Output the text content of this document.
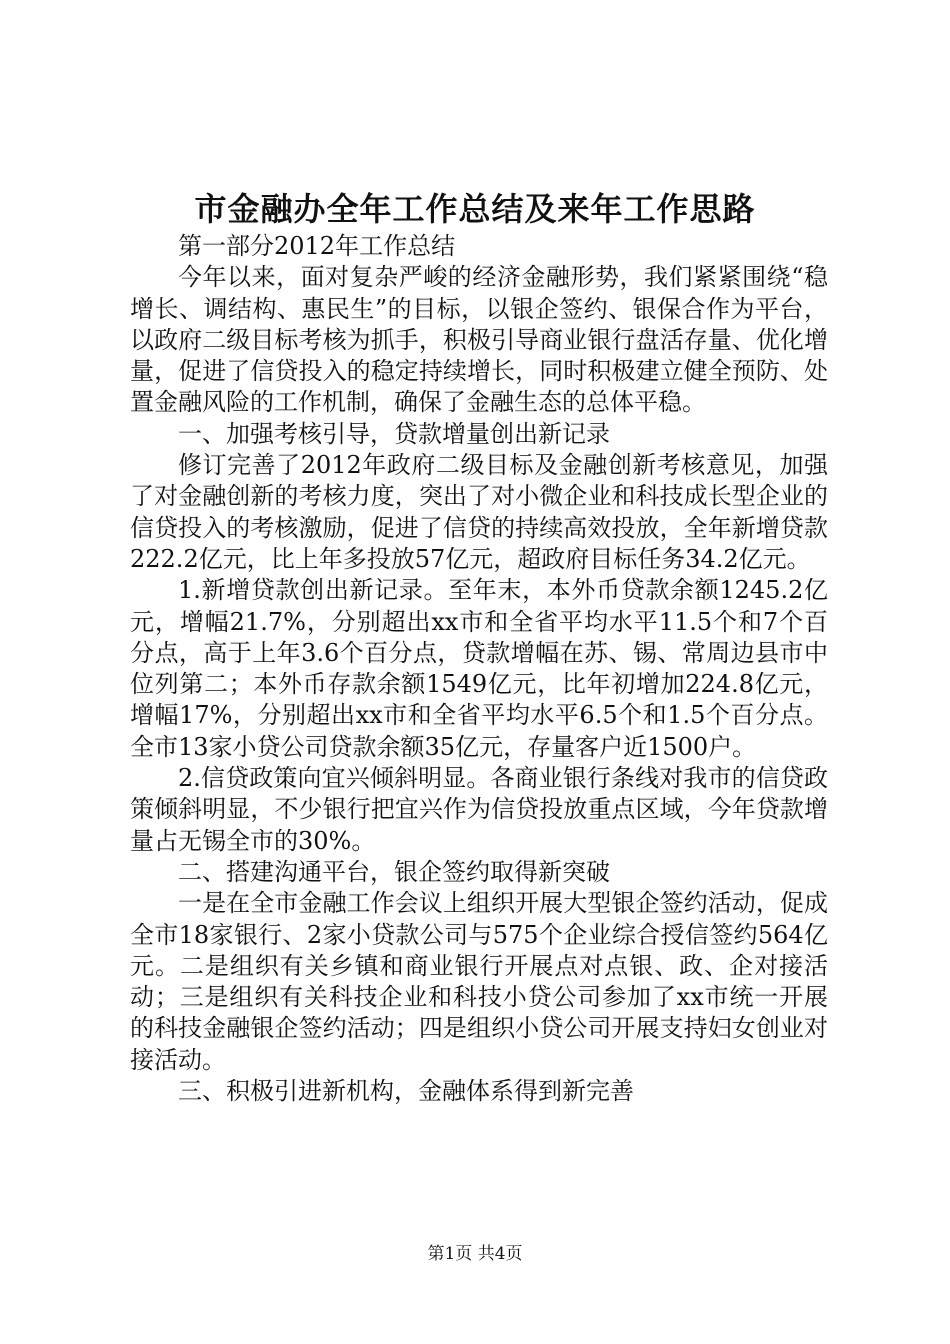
市金融办全年工作总结及来年工作思路

第一部分2012年工作总结

今年以来，面对复杂严峻的经济金融形势，我们紧紧围绕“稳增长、调结构、惠民生”的目标，以银企签约、银保合作为平台，以政府二级目标考核为抓手，积极引导商业银行盘活存量、优化增量，促进了信贷投入的稳定持续增长，同时积极建立健全预防、处置金融风险的工作机制，确保了金融生态的总体平稳。

一、加强考核引导，贷款增量创出新记录

修订完善了2012年政府二级目标及金融创新考核意见，加强了对金融创新的考核力度，突出了对小微企业和科技成长型企业的信贷投入的考核激励，促进了信贷的持续高效投放，全年新增贷款222.2亿元，比上年多投放57亿元，超政府目标任务34.2亿元。

1.新增贷款创出新记录。至年末，本外币贷款余额1245.2亿元，增幅21.7%，分别超出xx市和全省平均水平11.5个和7个百分点，高于上年3.6个百分点，贷款增幅在苏、锡、常周边县市中位列第二；本外币存款余额1549亿元，比年初增加224.8亿元，增幅17%，分别超出xx市和全省平均水平6.5个和1.5个百分点。全市13家小贷公司贷款余额35亿元，存量客户近1500户。

2.信贷政策向宜兴倾斜明显。各商业银行条线对我市的信贷政策倾斜明显，不少银行把宜兴作为信贷投放重点区域，今年贷款增量占无锡全市的30%。

二、搭建沟通平台，银企签约取得新突破

一是在全市金融工作会议上组织开展大型银企签约活动，促成全市18家银行、2家小贷款公司与575个企业综合授信签约564亿元。二是组织有关乡镇和商业银行开展点对点银、政、企对接活动；三是组织有关科技企业和科技小贷公司参加了xx市统一开展的科技金融银企签约活动；四是组织小贷公司开展支持妇女创业对接活动。

三、积极引进新机构，金融体系得到新完善

第1页 共4页
